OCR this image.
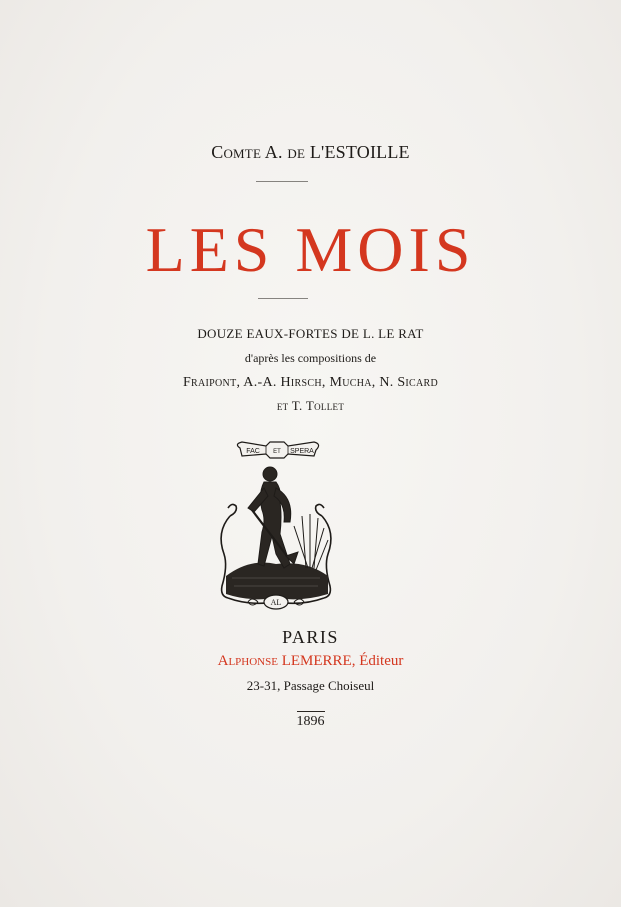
Comte A. de L'ESTOILLE
LES MOIS
DOUZE EAUX-FORTES DE L. LE RAT
d'après les compositions de
Fraipont, A.-A. Hirsch, Mucha, N. Sicard
et T. Tollet
FAC ET SPERA
AL
PARIS
Alphonse LEMERRE, Éditeur
23-31, Passage Choiseul
1896
